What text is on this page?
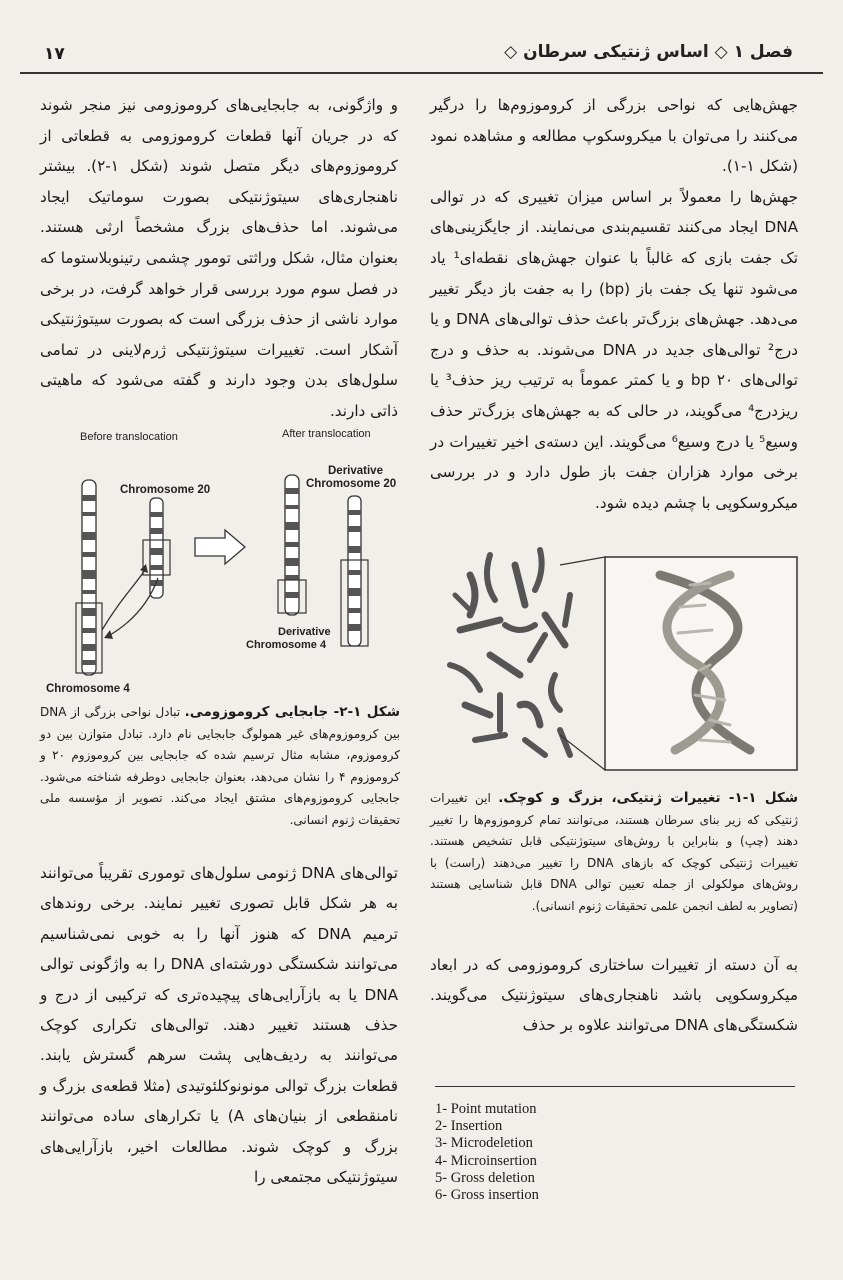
فصل ۱ ◇ اساس ژنتیکی سرطان ◇
۱۷

جهش‌هایی که نواحی بزرگی از کروموزوم‌ها را درگیر می‌کنند را می‌توان با میکروسکوپ مطالعه و مشاهده نمود (شکل ۱-۱).

جهش‌ها را معمولاً بر اساس میزان تغییری که در توالی DNA ایجاد می‌کنند تقسیم‌بندی می‌نمایند. از جایگزینی‌های تک جفت بازی که غالباً با عنوان جهش‌های نقطه‌ای¹ یاد می‌شود تنها یک جفت باز (bp) را به جفت باز دیگر تغییر می‌دهد. جهش‌های بزرگ‌تر باعث حذف توالی‌های DNA و یا درج² توالی‌های جدید در DNA می‌شوند. به حذف و درج توالی‌های bp ۲۰ و یا کمتر عموماً به ترتیب ریز حذف³ یا ریزدرج⁴ می‌گویند، در حالی که به جهش‌های بزرگ‌تر حذف وسیع⁵ یا درج وسیع⁶ می‌گویند. این دسته‌ی اخیر تغییرات در برخی موارد هزاران جفت باز طول دارد و در بررسی میکروسکوپی با چشم دیده شود.

شکل ۱-۱- تغییرات ژنتیکی، بزرگ و کوچک. این تغییرات ژنتیکی که زیر بنای سرطان هستند، می‌توانند تمام کروموزوم‌ها را تغییر دهند (چپ) و بنابراین با روش‌های سیتوژنتیکی قابل تشخیص هستند. تغییرات ژنتیکی کوچک که بازهای DNA را تغییر می‌دهند (راست) با روش‌های مولکولی از جمله تعیین توالی DNA قابل شناسایی هستند (تصاویر به لطف انجمن علمی تحقیقات ژنوم انسانی).

به آن دسته از تغییرات ساختاری کروموزومی که در ابعاد میکروسکوپی باشد ناهنجاری‌های سیتوژنتیک می‌گویند. شکستگی‌های DNA می‌توانند علاوه بر حذف

1- Point mutation
2- Insertion
3- Microdeletion
4- Microinsertion
5- Gross deletion
6- Gross insertion

و واژگونی، به جابجایی‌های کروموزومی نیز منجر شوند که در جریان آنها قطعات کروموزومی به قطعاتی از کروموزوم‌های دیگر متصل شوند (شکل ۱-۲). بیشتر ناهنجاری‌های سیتوژنتیکی بصورت سوماتیک ایجاد می‌شوند. اما حذف‌های بزرگ مشخصاً ارثی هستند. بعنوان مثال، شکل وراثتی تومور چشمی رتینوبلاستوما که در فصل سوم مورد بررسی قرار خواهد گرفت، در برخی موارد ناشی از حذف بزرگی است که بصورت سیتوژنتیکی آشکار است. تغییرات سیتوژنتیکی ژرم‌لاینی در تمامی سلول‌های بدن وجود دارند و گفته می‌شود که ماهیتی ذاتی دارند.

Before translocation	After translocation
Chromosome 4
Chromosome 20
Derivative
Chromosome 4
Derivative
Chromosome 20
شکل ۱-۲- جابجایی کروموزومی. تبادل نواحی بزرگی از DNA بین کروموزوم‌های غیر همولوگ جابجایی نام دارد. تبادل متوازن بین دو کروموزوم، مشابه مثال ترسیم شده که جابجایی بین کروموزوم ۲۰ و کروموزوم ۴ را نشان می‌دهد، بعنوان جابجایی دوطرفه شناخته می‌شود. جابجایی کروموزوم‌های مشتق ایجاد می‌کند. تصویر از مؤسسه ملی تحقیقات ژنوم انسانی.

توالی‌های DNA ژنومی سلول‌های توموری تقریباً می‌توانند به هر شکل قابل تصوری تغییر نمایند. برخی روندهای ترمیم DNA که هنوز آنها را به خوبی نمی‌شناسیم می‌توانند شکستگی دورشته‌ای DNA را به واژگونی توالی DNA یا به بازآرایی‌های پیچیده‌تری که ترکیبی از درج و حذف هستند تغییر دهند. توالی‌های تکراری کوچک می‌توانند به ردیف‌هایی پشت سرهم گسترش یابند. قطعات بزرگ توالی مونونوکلئوتیدی (مثلا قطعه‌ی بزرگ و نامنقطعی از بنیان‌های A) یا تکرارهای ساده می‌توانند بزرگ و کوچک شوند. مطالعات اخیر، بازآرایی‌های سیتوژنتیکی مجتمعی را
